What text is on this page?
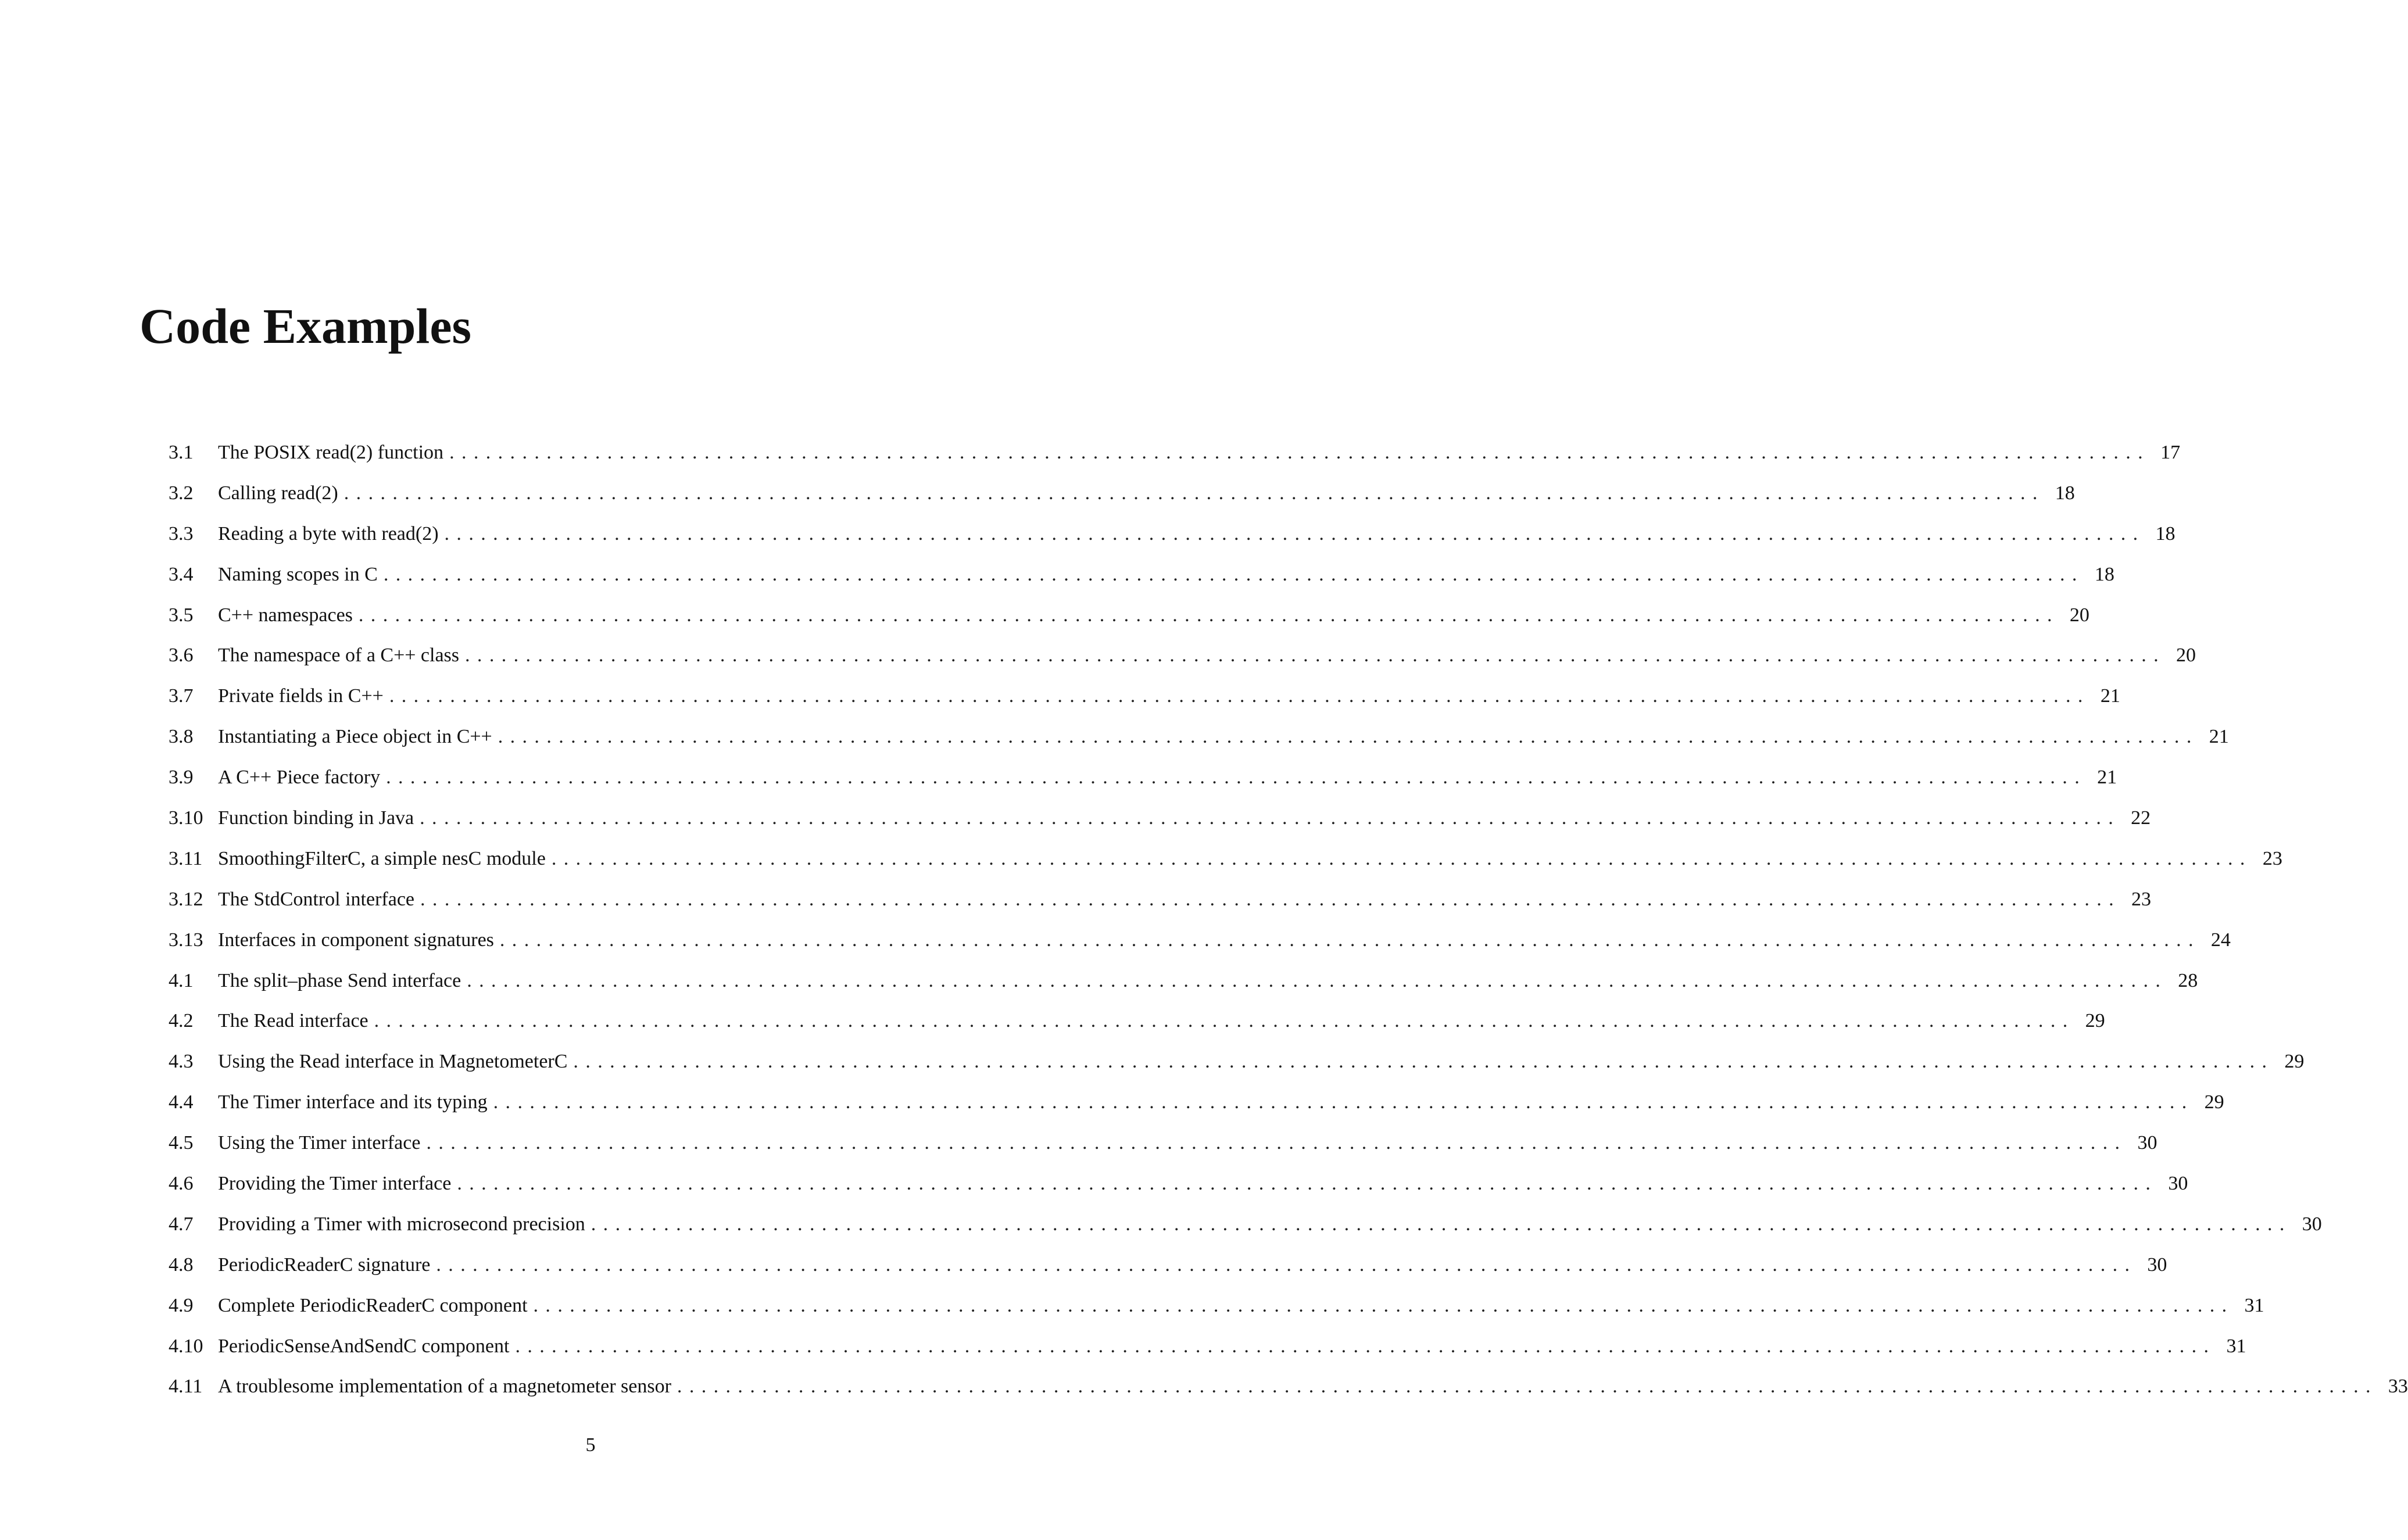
Code Examples
3.1	The POSIX read(2) function ............................................................................................................................................ 17
3.2	Calling read(2) ............................................................................................................................................ 18
3.3	Reading a byte with read(2) ............................................................................................................................................ 18
3.4	Naming scopes in C ............................................................................................................................................ 18
3.5	C++ namespaces ............................................................................................................................................ 20
3.6	The namespace of a C++ class ............................................................................................................................................ 20
3.7	Private fields in C++ ............................................................................................................................................ 21
3.8	Instantiating a Piece object in C++ ............................................................................................................................................ 21
3.9	A C++ Piece factory ............................................................................................................................................ 21
3.10 Function binding in Java ............................................................................................................................................ 22
3.11 SmoothingFilterC, a simple nesC module ............................................................................................................................................ 23
3.12 The StdControl interface ............................................................................................................................................ 23
3.13 Interfaces in component signatures ............................................................................................................................................ 24
4.1	The split–phase Send interface ............................................................................................................................................ 28
4.2	The Read interface ............................................................................................................................................ 29
4.3	Using the Read interface in MagnetometerC ............................................................................................................................................ 29
4.4	The Timer interface and its typing ............................................................................................................................................ 29
4.5	Using the Timer interface ............................................................................................................................................ 30
4.6	Providing the Timer interface ............................................................................................................................................ 30
4.7	Providing a Timer with microsecond precision ............................................................................................................................................ 30
4.8	PeriodicReaderC signature ............................................................................................................................................ 30
4.9	Complete PeriodicReaderC component ............................................................................................................................................ 31
4.10 PeriodicSenseAndSendC component ............................................................................................................................................ 31
4.11 A troublesome implementation of a magnetometer sensor ............................................................................................................................................ 33
5
